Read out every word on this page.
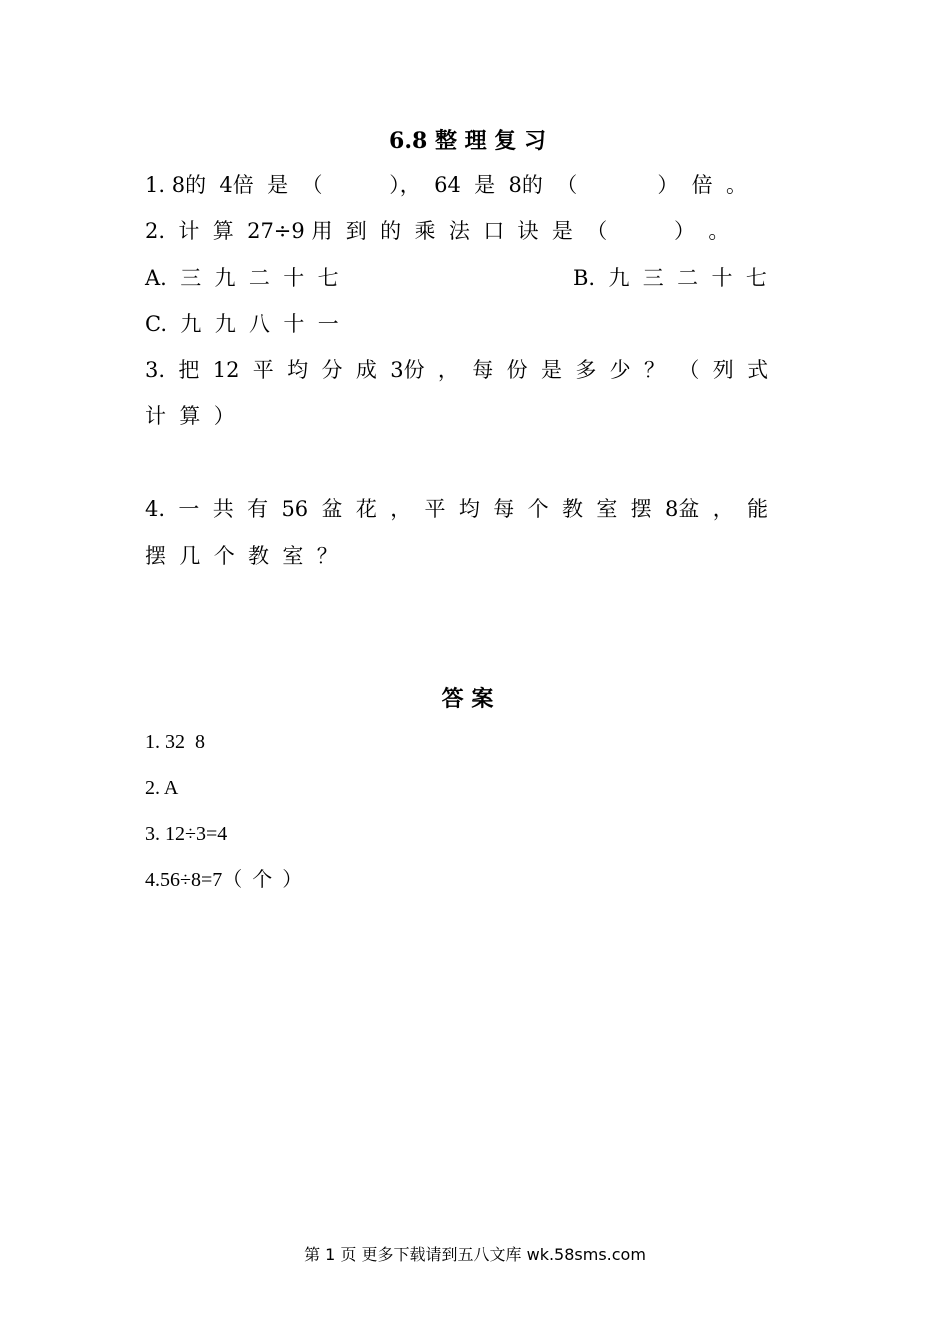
6.8 整 理 复 习
1. 8的  4倍  是  （          ），  64  是  8的  （            ）  倍  。
2.  计  算  27÷9 用  到  的  乘  法  口  诀  是  （          ）  。
A.  三  九  二  十  七	B.  九  三  二  十  七
C.  九  九  八  十  一
3.  把  12  平  均  分  成  3份  ，  每  份  是  多  少  ？  （  列  式
计  算  ）
4.  一  共  有  56  盆  花  ，  平  均  每  个  教  室  摆  8盆  ，  能
摆  几  个  教  室  ？
答 案
1. 32  8
2. A
3. 12÷3=4
4.56÷8=7（  个  ）
第 1 页 更多下载请到五八文库 wk.58sms.com
